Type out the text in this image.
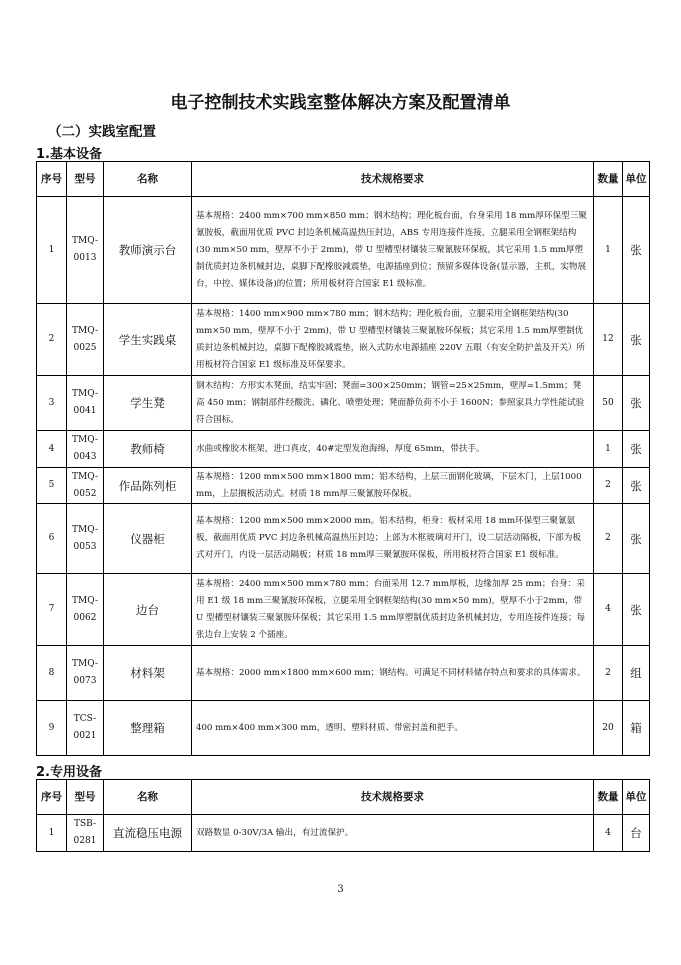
电子控制技术实践室整体解决方案及配置清单
（二）实践室配置
1.基本设备
序号	型号	名称	技术规格要求	数量	单位
1	TMQ-0013	教师演示台	基本规格：2400 mm×700 mm×850 mm；钢木结构；理化板台面，台身采用 18 mm厚环保型三聚氰胺板，截面用优质 PVC 封边条机械高温热压封边，ABS 专用连接件连接，立腿采用全钢框架结构(30 mm×50 mm，壁厚不小于 2mm)，带 U 型槽型材镶装三聚氰胺环保板，其它采用 1.5 mm厚塑制优质封边条机械封边，桌脚下配橡胶减震垫，电源插座到位；预留多媒体设备(显示器，主机，实物展台，中控、媒体设备)的位置；所用板材符合国家 E1 级标准。	1	张
2	TMQ-0025	学生实践桌	基本规格：1400 mm×900 mm×780 mm；钢木结构；理化板台面，立腿采用全钢框架结构(30 mm×50 mm，壁厚不小于 2mm)，带 U 型槽型材镶装三聚氰胺环保板；其它采用 1.5 mm厚塑制优质封边条机械封边，桌脚下配橡胶减震垫，嵌入式防水电源插座 220V 五眼（有安全防护盖及开关）所用板材符合国家 E1 级标准及环保要求。	12	张
3	TMQ-0041	学生凳	钢木结构：方形实木凳面，结实牢固；凳面=300×250mm；钢管=25×25mm，壁厚=1.5mm；凳高 450 mm；钢制部件经酸洗、磷化、喷塑处理；凳面静负荷不小于 1600N；参照家具力学性能试验符合国标。	50	张
4	TMQ-0043	教师椅	水曲或橡胶木框架，进口真皮，40#定型发泡海绵，厚度 65mm，带扶手。	1	张
5	TMQ-0052	作品陈列柜	基本规格：1200 mm×500 mm×1800 mm；铝木结构，上层三面钢化玻璃，下层木门，上层1000 mm，上层搁板活动式。材质 18 mm厚三聚氰胺环保板。	2	张
6	TMQ-0053	仪器柜	基本规格：1200 mm×500 mm×2000 mm。铝木结构，柜身：板材采用 18 mm环保型三聚氰氨板，截面用优质 PVC 封边条机械高温热压封边；上部为木框玻璃对开门，设二层活动隔板，下部为板式对开门，内设一层活动隔板；材质 18 mm厚三聚氰胺环保板，所用板材符合国家 E1 级标准。	2	张
7	TMQ-0062	边台	基本规格：2400 mm×500 mm×780 mm；台面采用 12.7 mm厚板，边缘加厚 25 mm；台身：采用 E1 级 18 mm三聚氰胺环保板，立腿采用全钢框架结构(30 mm×50 mm)，壁厚不小于2mm，带 U 型槽型材镶装三聚氰胺环保板；其它采用 1.5 mm厚塑制优质封边条机械封边，专用连接件连接；每张边台上安装 2 个插座。	4	张
8	TMQ-0073	材料架	基本规格：2000 mm×1800 mm×600 mm；钢结构。可满足不同材料储存特点和要求的具体需求。	2	组
9	TCS-0021	整理箱	400 mm×400 mm×300 mm，透明、塑料材质、带密封盖和把手。	20	箱
2.专用设备
序号	型号	名称	技术规格要求	数量	单位
1	TSB-0281	直流稳压电源	双路数显 0-30V/3A 输出，有过流保护。	4	台
3
